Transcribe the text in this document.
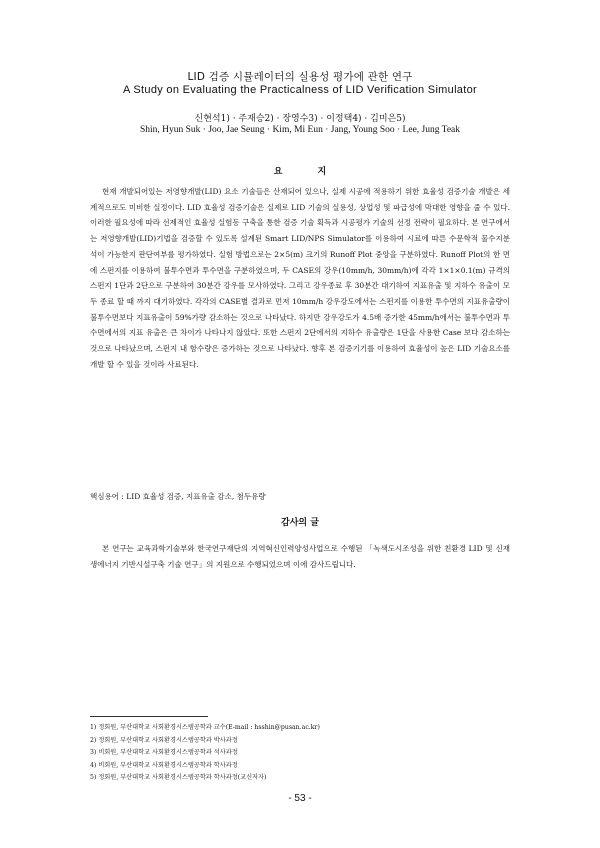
LID 검증 시뮬레이터의 실용성 평가에 관한 연구
A Study on Evaluating the Practicalness of LID Verification Simulator
신현석1) · 주재승2) · 장영수3) · 이정택4) · 김미은5)
Shin, Hyun Suk · Joo, Jae Seung · Kim, Mi Eun · Jang, Young Soo · Lee, Jung Teak
요 지

현재 개발되어있는 저영향개발(LID) 요소 기술들은 산재되어 있으나, 실제 시공에 적용하기 위한 효율성 검증기술 개발은 세계적으로도 미비한 실정이다. LID 효율성 검증기술은 실제로 LID 기술의 실용성, 상업성 및 파급성에 막대한 영향을 줄 수 있다. 이러한 필요성에 따라 선제적인 효율성 실험동 구축을 통한 검증 기술 획득과 시공평가 기술의 선정 전략이 필요하다. 본 연구에서는 저영향개발(LID)기법을 검증할 수 있도록 설계된 Smart LID/NPS Simulator를 이용하여 시료에 따른 수문학적 물수지분석이 가능한지 판단여부를 평가하였다. 실험 방법으로는 2×5(m) 크기의 Runoff Plot 중앙을 구분하였다. Runoff Plot의 한 면에 스펀지를 이용하여 불투수면과 투수면을 구분하였으며, 두 CASE의 강우(10mm/h, 30mm/h)에 각각 1×1×0.1(m) 규격의 스펀지 1단과 2단으로 구분하여 30분간 강우를 모사하였다. 그리고 강우종료 후 30분간 대기하여 지표유출 및 지하수 유출이 모두 종료 할 때 까지 대기하였다. 각각의 CASE별 결과로 먼저 10mm/h 강우강도에서는 스펀지를 이용한 투수면의 지표유출량이 불투수면보다 지표유출이 59%가량 감소하는 것으로 나타났다. 하지만 강우강도가 4.5배 증가한 45mm/h에서는 불투수면과 투수면에서의 지표 유출은 큰 차이가 나타나지 않았다. 또한 스펀지 2단에서의 지하수 유출량은 1단을 사용한 Case 보다 감소하는 것으로 나타났으며, 스펀지 내 함수량은 증가하는 것으로 나타났다. 향후 본 검증기기를 이용하여 효율성이 높은 LID 기술요소를 개발 할 수 있을 것이라 사료된다.

핵심용어 : LID 효율성 검증, 지표유출 감소, 첨두유량
감사의 글

본 연구는 교육과학기술부와 한국연구재단의 지역혁신인력양성사업으로 수행된 「녹색도시조성을 위한 친환경 LID 및 신재생에너지 기반시설구축 기술 연구」의 지원으로 수행되었으며 이에 감사드립니다.

1) 정회원, 부산대학교 사회환경시스템공학과 교수(E-mail : hsshin@pusan.ac.kr)
2) 정회원, 부산대학교 사회환경시스템공학과 박사과정
3) 비회원, 부산대학교 사회환경시스템공학과 석사과정
4) 비회원, 부산대학교 사회환경시스템공학과 학사과정
5) 정회원, 부산대학교 사회환경시스템공학과 학사과정(교신저자)
- 53 -
